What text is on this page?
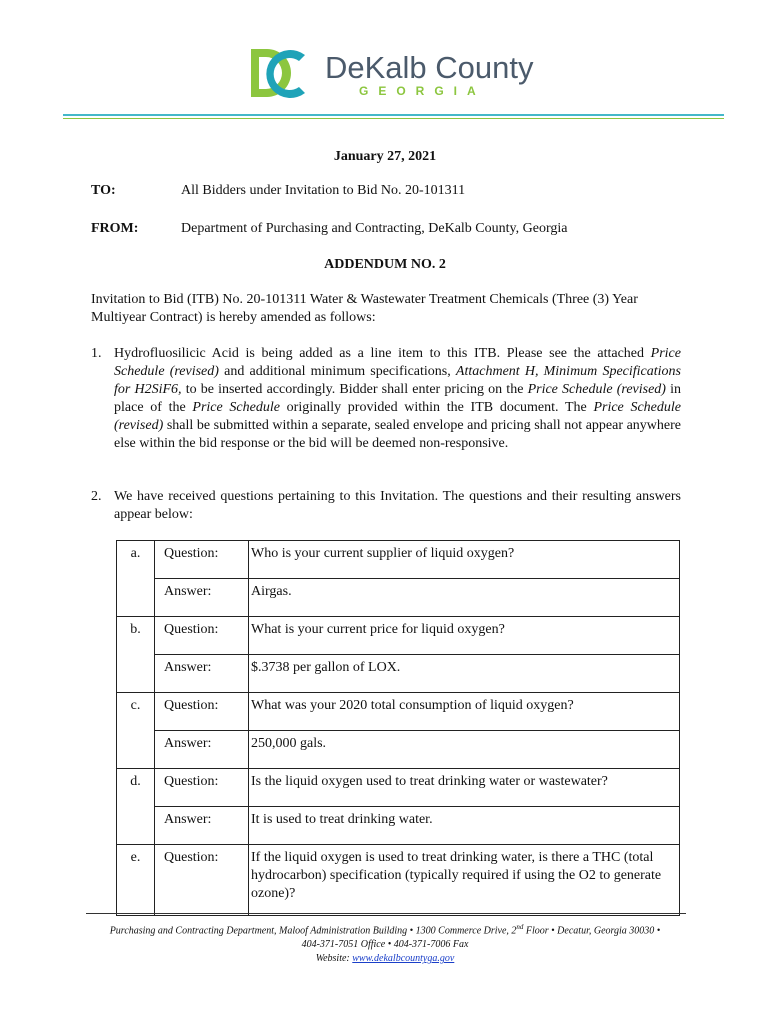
DeKalb County
GEORGIA
January 27, 2021
TO:	All Bidders under Invitation to Bid No. 20-101311
FROM:	Department of Purchasing and Contracting, DeKalb County, Georgia
ADDENDUM NO. 2
Invitation to Bid (ITB) No. 20-101311 Water & Wastewater Treatment Chemicals (Three (3) Year Multiyear Contract) is hereby amended as follows:
1. Hydrofluosilicic Acid is being added as a line item to this ITB. Please see the attached Price Schedule (revised) and additional minimum specifications, Attachment H, Minimum Specifications for H2SiF6, to be inserted accordingly. Bidder shall enter pricing on the Price Schedule (revised) in place of the Price Schedule originally provided within the ITB document. The Price Schedule (revised) shall be submitted within a separate, sealed envelope and pricing shall not appear anywhere else within the bid response or the bid will be deemed non-responsive.
2. We have received questions pertaining to this Invitation. The questions and their resulting answers appear below:
a.	Question:	Who is your current supplier of liquid oxygen?
	Answer:	Airgas.
b.	Question:	What is your current price for liquid oxygen?
	Answer:	$.3738 per gallon of LOX.
c.	Question:	What was your 2020 total consumption of liquid oxygen?
	Answer:	250,000 gals.
d.	Question:	Is the liquid oxygen used to treat drinking water or wastewater?
	Answer:	It is used to treat drinking water.
e.	Question:	If the liquid oxygen is used to treat drinking water, is there a THC (total hydrocarbon) specification (typically required if using the O2 to generate ozone)?
Purchasing and Contracting Department, Maloof Administration Building • 1300 Commerce Drive, 2nd Floor • Decatur, Georgia 30030 •
404-371-7051 Office • 404-371-7006 Fax
Website: www.dekalbcountyga.gov
